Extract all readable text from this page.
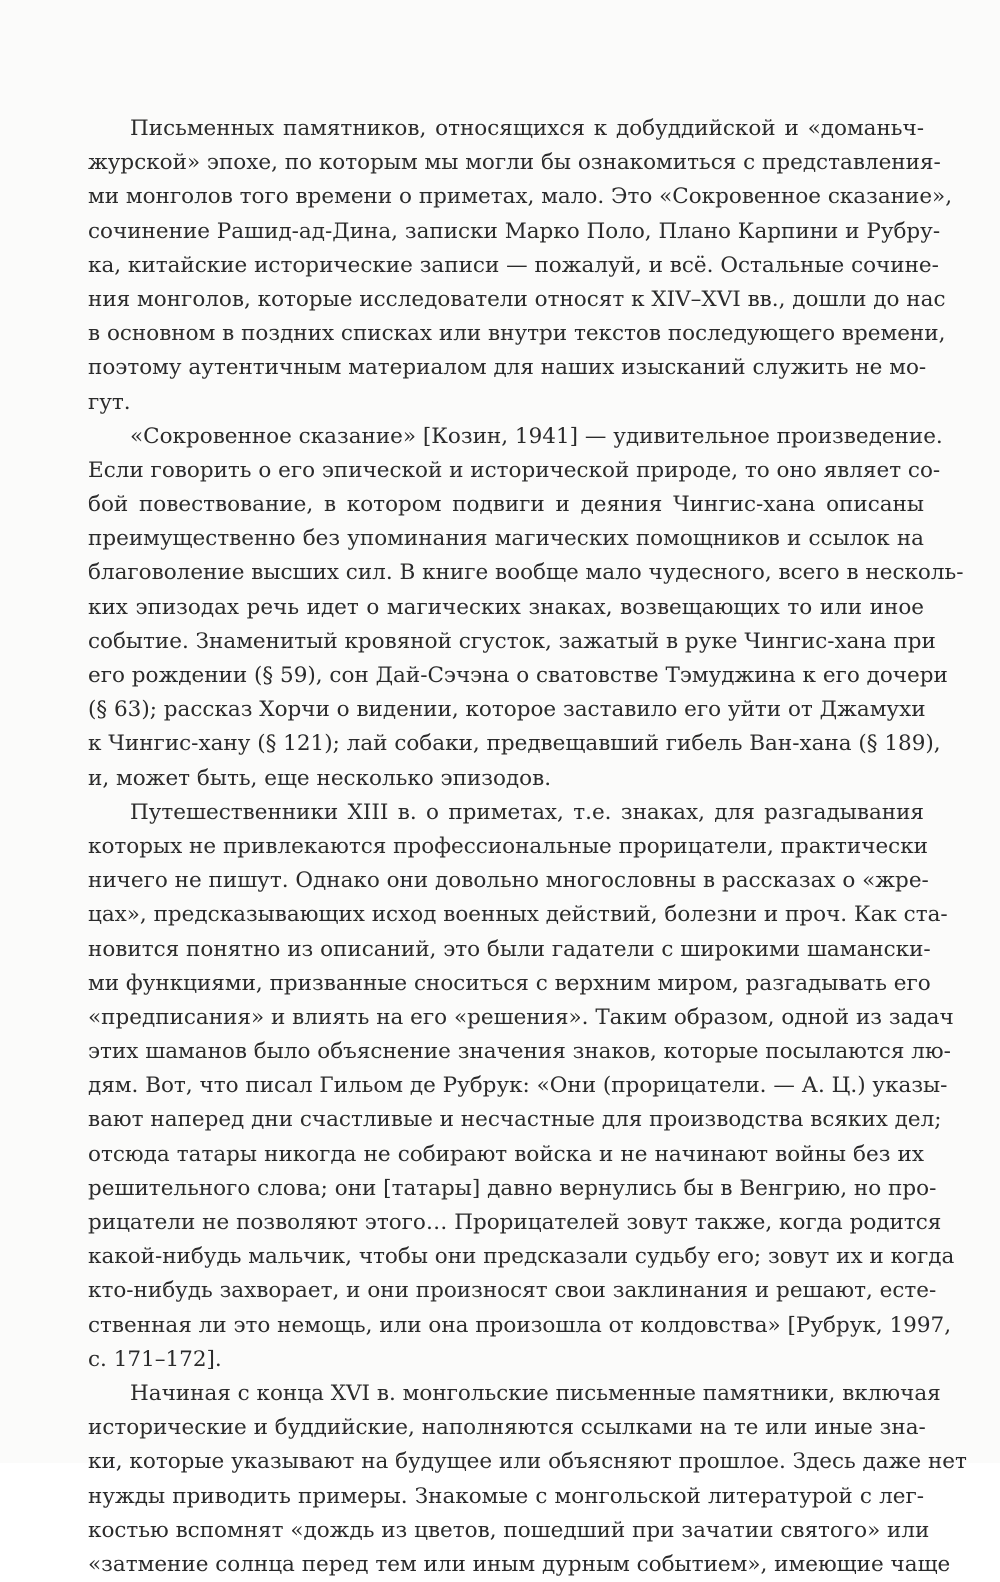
Письменных памятников, относящихся к добуддийской и «доманьч-
журской» эпохе, по которым мы могли бы ознакомиться с представления-
ми монголов того времени о приметах, мало. Это «Сокровенное сказание»,
сочинение Рашид-ад-Дина, записки Марко Поло, Плано Карпини и Рубру-
ка, китайские исторические записи — пожалуй, и всё. Остальные сочине-
ния монголов, которые исследователи относят к XIV–XVI вв., дошли до нас
в основном в поздних списках или внутри текстов последующего времени,
поэтому аутентичным материалом для наших изысканий служить не мо-
гут.
«Сокровенное сказание» [Козин, 1941] — удивительное произведение.
Если говорить о его эпической и исторической природе, то оно являет со-
бой повествование, в котором подвиги и деяния Чингис-хана описаны
преимущественно без упоминания магических помощников и ссылок на
благоволение высших сил. В книге вообще мало чудесного, всего в несколь-
ких эпизодах речь идет о магических знаках, возвещающих то или иное
событие. Знаменитый кровяной сгусток, зажатый в руке Чингис-хана при
его рождении (§ 59), сон Дай-Сэчэна о сватовстве Тэмуджина к его дочери
(§ 63); рассказ Хорчи о видении, которое заставило его уйти от Джамухи
к Чингис-хану (§ 121); лай собаки, предвещавший гибель Ван-хана (§ 189),
и, может быть, еще несколько эпизодов.
Путешественники XIII в. о приметах, т.е. знаках, для разгадывания
которых не привлекаются профессиональные прорицатели, практически
ничего не пишут. Однако они довольно многословны в рассказах о «жре-
цах», предсказывающих исход военных действий, болезни и проч. Как ста-
новится понятно из описаний, это были гадатели с широкими шамански-
ми функциями, призванные сноситься с верхним миром, разгадывать его
«предписания» и влиять на его «решения». Таким образом, одной из задач
этих шаманов было объяснение значения знаков, которые посылаются лю-
дям. Вот, что писал Гильом де Рубрук: «Они (прорицатели. — А. Ц.) указы-
вают наперед дни счастливые и несчастные для производства всяких дел;
отсюда татары никогда не собирают войска и не начинают войны без их
решительного слова; они [татары] давно вернулись бы в Венгрию, но про-
рицатели не позволяют этого… Прорицателей зовут также, когда родится
какой-нибудь мальчик, чтобы они предсказали судьбу его; зовут их и когда
кто-нибудь захворает, и они произносят свои заклинания и решают, есте-
ственная ли это немощь, или она произошла от колдовства» [Рубрук, 1997,
с. 171–172].
Начиная с конца XVI в. монгольские письменные памятники, включая
исторические и буддийские, наполняются ссылками на те или иные зна-
ки, которые указывают на будущее или объясняют прошлое. Здесь даже нет
нужды приводить примеры. Знакомые с монгольской литературой с лег-
костью вспомнят «дождь из цветов, пошедший при зачатии святого» или
«затмение солнца перед тем или иным дурным событием», имеющие чаще
